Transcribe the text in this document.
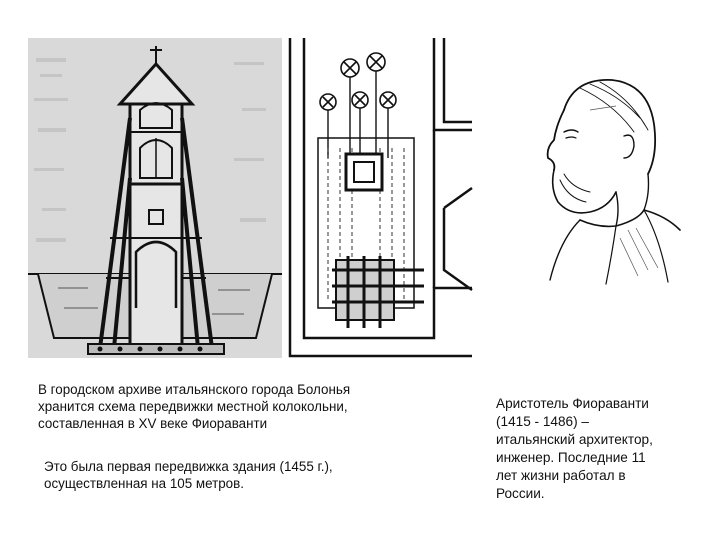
В городском архиве итальянского города Болонья
хранится схема передвижки местной колокольни,
составленная в XV веке Фиораванти

Это была первая передвижка здания (1455 г.),
осуществленная на 105 метров.

Аристотель Фиораванти
(1415 - 1486) –
итальянский архитектор,
инженер. Последние 11
лет жизни работал в
России.
